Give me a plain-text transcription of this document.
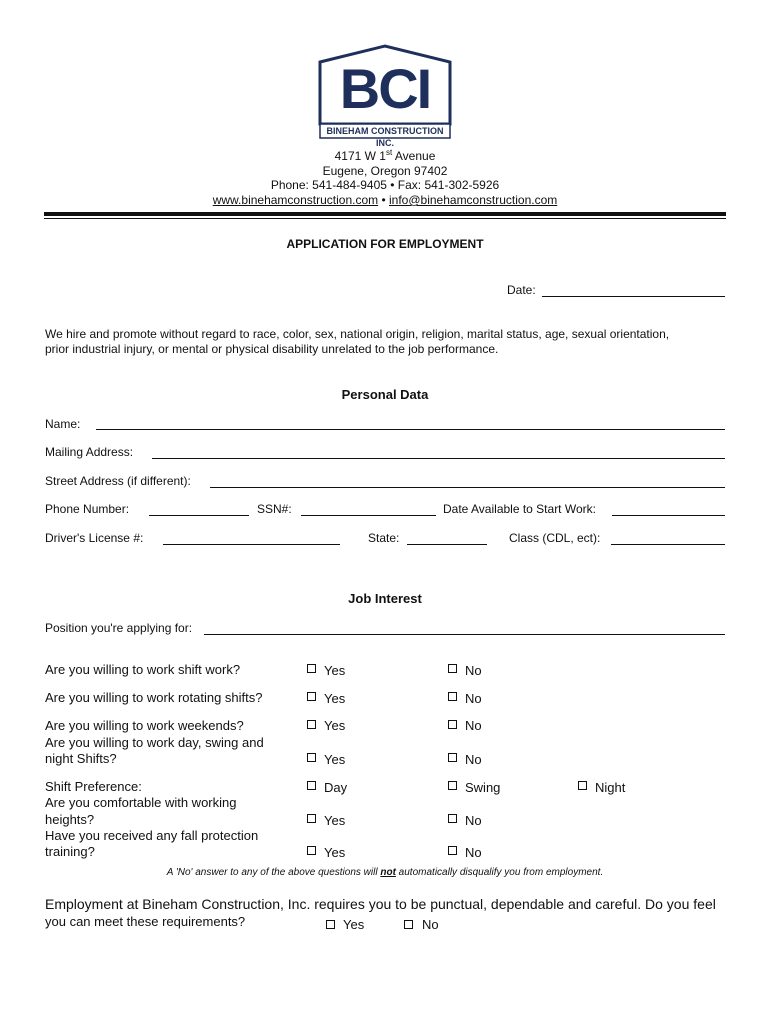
BCI
BINEHAM CONSTRUCTION INC.
4171 W 1st Avenue
Eugene, Oregon 97402
Phone: 541-484-9405 • Fax: 541-302-5926
www.binehamconstruction.com • info@binehamconstruction.com
APPLICATION FOR EMPLOYMENT
Date:
We hire and promote without regard to race, color, sex, national origin, religion, marital status, age, sexual orientation,
prior industrial injury, or mental or physical disability unrelated to the job performance.
Personal Data
Name:
Mailing Address:
Street Address (if different):
Phone Number:	SSN#:	Date Available to Start Work:
Driver's License #:	State:	Class (CDL, ect):
Job Interest
Position you're applying for:
Are you willing to work shift work?	Yes	No
Are you willing to work rotating shifts?	Yes	No
Are you willing to work weekends?	Yes	No
Are you willing to work day, swing and
night Shifts?	Yes	No
Shift Preference:	Day	Swing	Night
Are you comfortable with working
heights?	Yes	No
Have you received any fall protection
training?	Yes	No
A 'No' answer to any of the above questions will not automatically disqualify you from employment.
Employment at Bineham Construction, Inc. requires you to be punctual, dependable and careful. Do you feel
you can meet these requirements?	Yes	No
